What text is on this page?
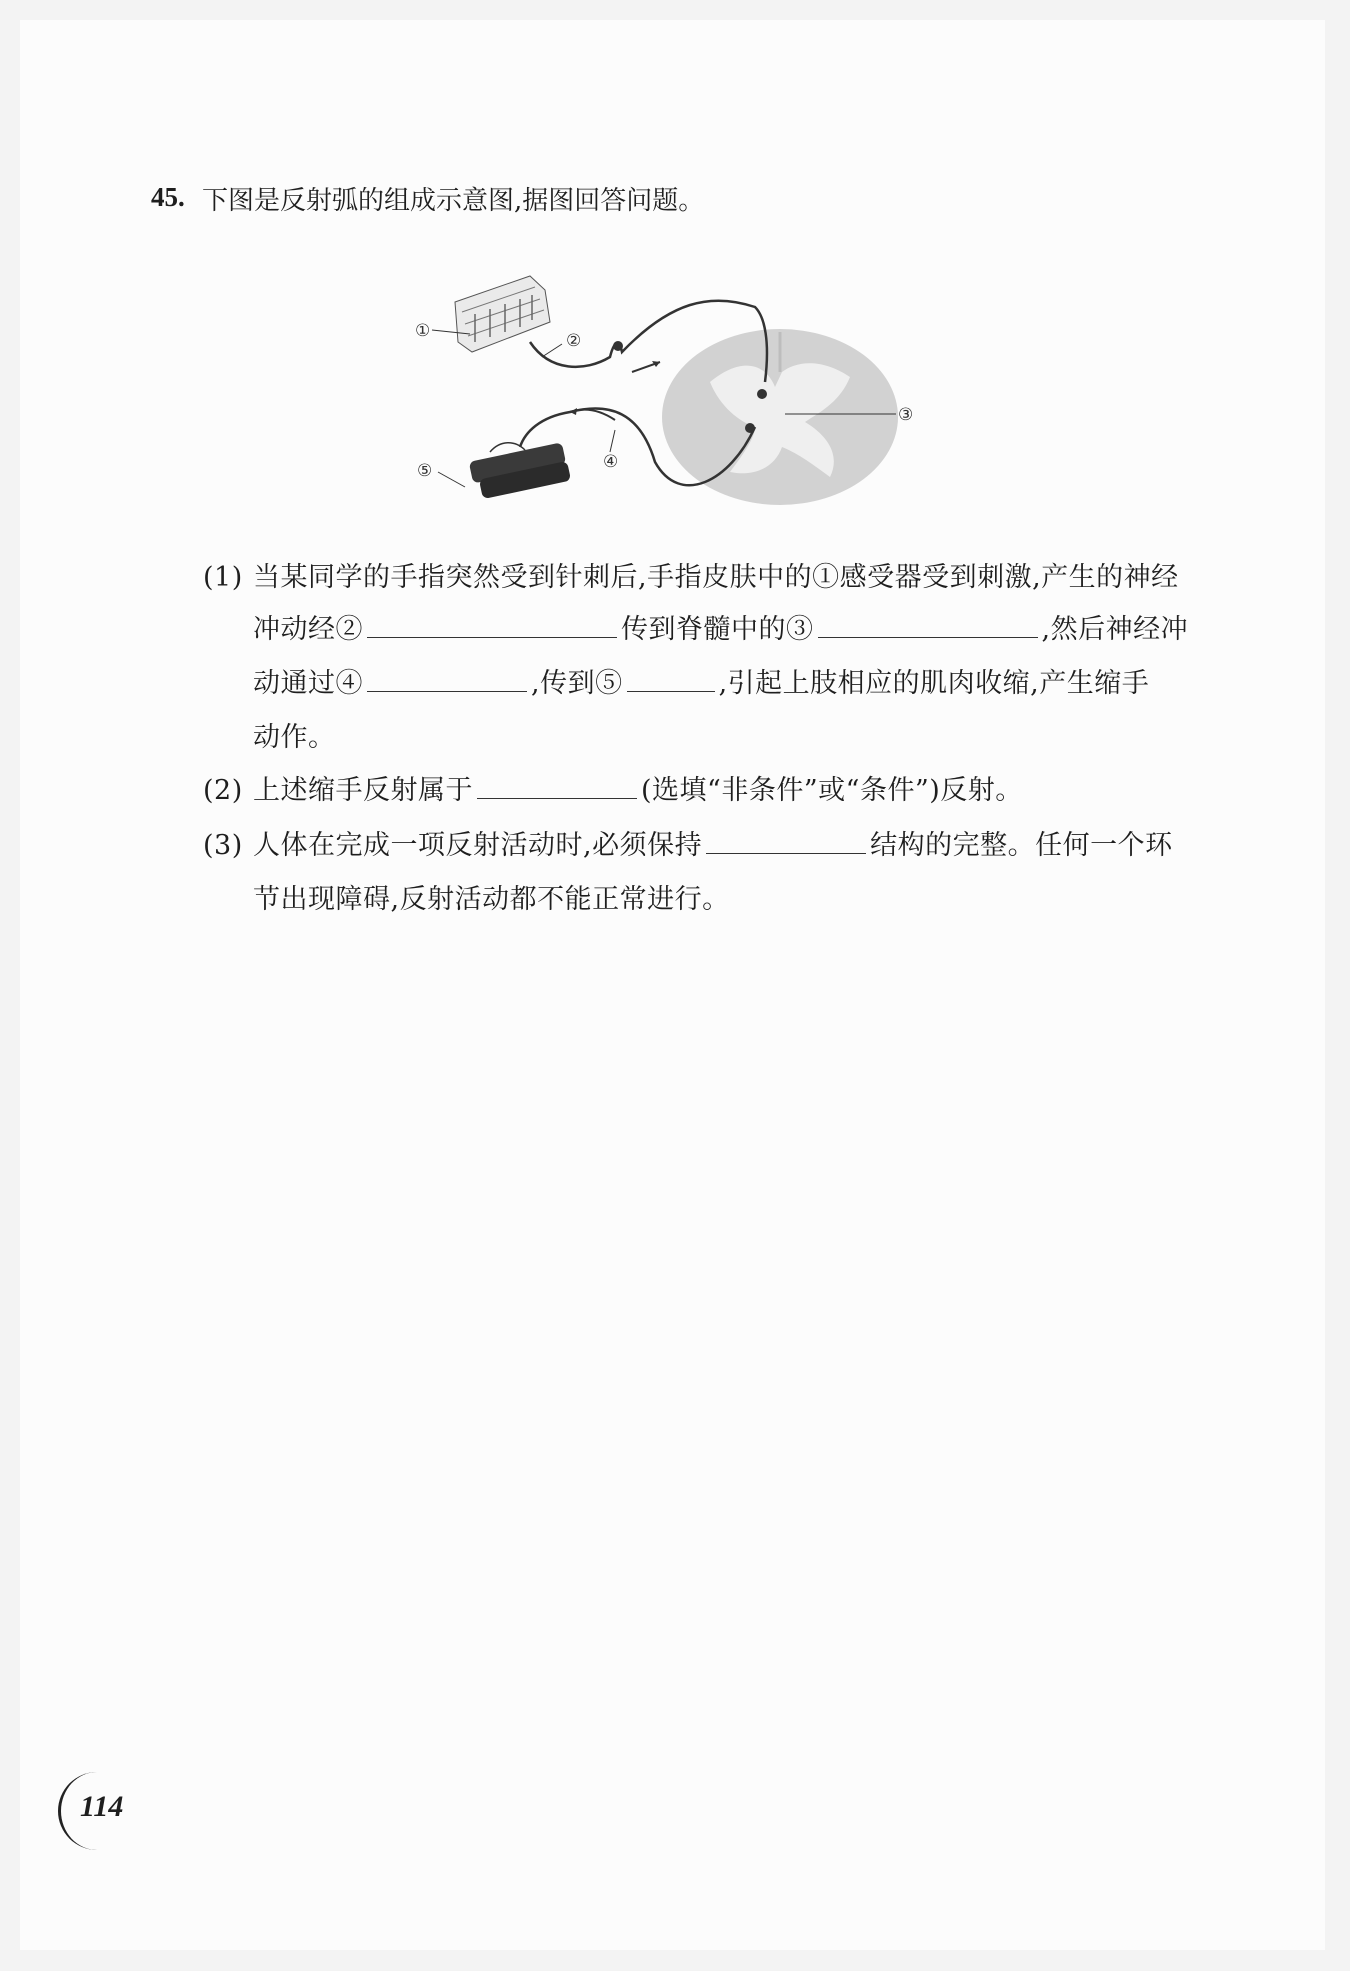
45. 下图是反射弧的组成示意图,据图回答问题。
①	②
③
④
⑤
(1) 当某同学的手指突然受到针刺后,手指皮肤中的①感受器受到刺激,产生的神经
冲动经②	传到脊髓中的③	,然后神经冲
动通过④	,传到⑤	,引起上肢相应的肌肉收缩,产生缩手
动作。
(2) 上述缩手反射属于	(选填“非条件”或“条件”)反射。
(3) 人体在完成一项反射活动时,必须保持	结构的完整。任何一个环
节出现障碍,反射活动都不能正常进行。
114
